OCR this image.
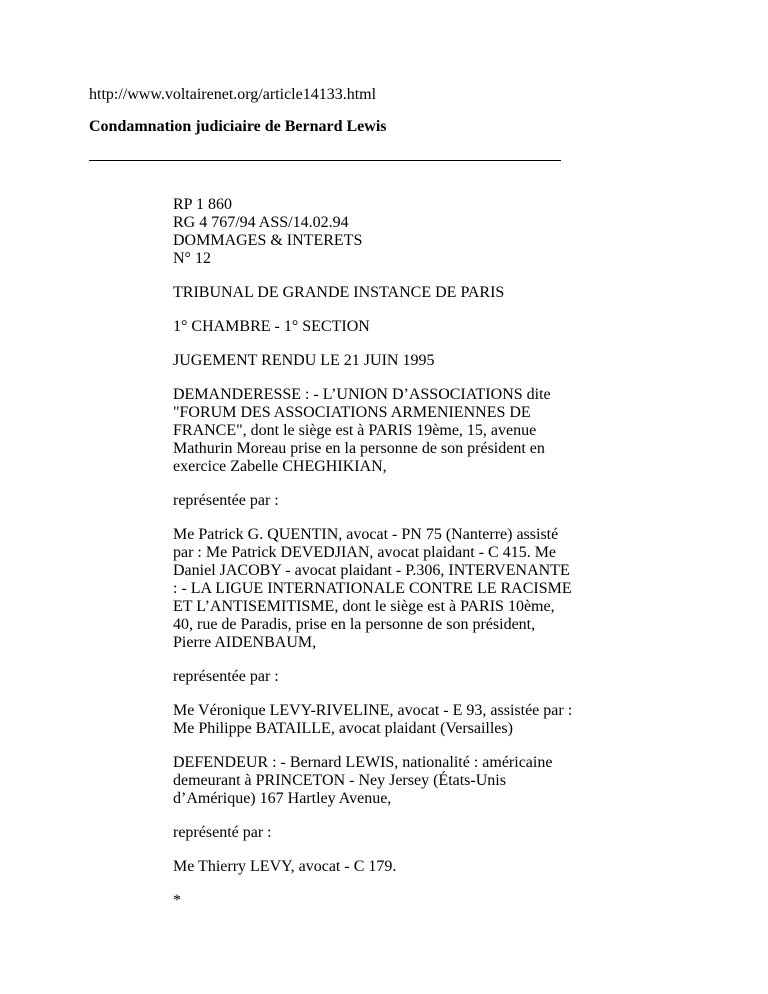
http://www.voltairenet.org/article14133.html
Condamnation judiciaire de Bernard Lewis
RP 1 860
RG 4 767/94 ASS/14.02.94
DOMMAGES & INTERETS
N° 12

TRIBUNAL DE GRANDE INSTANCE DE PARIS

1° CHAMBRE - 1° SECTION

JUGEMENT RENDU LE 21 JUIN 1995

DEMANDERESSE : - L’UNION D’ASSOCIATIONS dite "FORUM DES ASSOCIATIONS ARMENIENNES DE FRANCE", dont le siège est à PARIS 19ème, 15, avenue Mathurin Moreau prise en la personne de son président en exercice Zabelle CHEGHIKIAN,

représentée par :

Me Patrick G. QUENTIN, avocat - PN 75 (Nanterre) assisté par : Me Patrick DEVEDJIAN, avocat plaidant - C 415. Me Daniel JACOBY - avocat plaidant - P.306, INTERVENANTE : - LA LIGUE INTERNATIONALE CONTRE LE RACISME ET L’ANTISEMITISME, dont le siège est à PARIS 10ème, 40, rue de Paradis, prise en la personne de son président, Pierre AIDENBAUM,

représentée par :

Me Véronique LEVY-RIVELINE, avocat - E 93, assistée par : Me Philippe BATAILLE, avocat plaidant (Versailles)

DEFENDEUR : - Bernard LEWIS, nationalité : américaine demeurant à PRINCETON - Ney Jersey (États-Unis d’Amérique) 167 Hartley Avenue,

représenté par :

Me Thierry LEVY, avocat - C 179.

*
